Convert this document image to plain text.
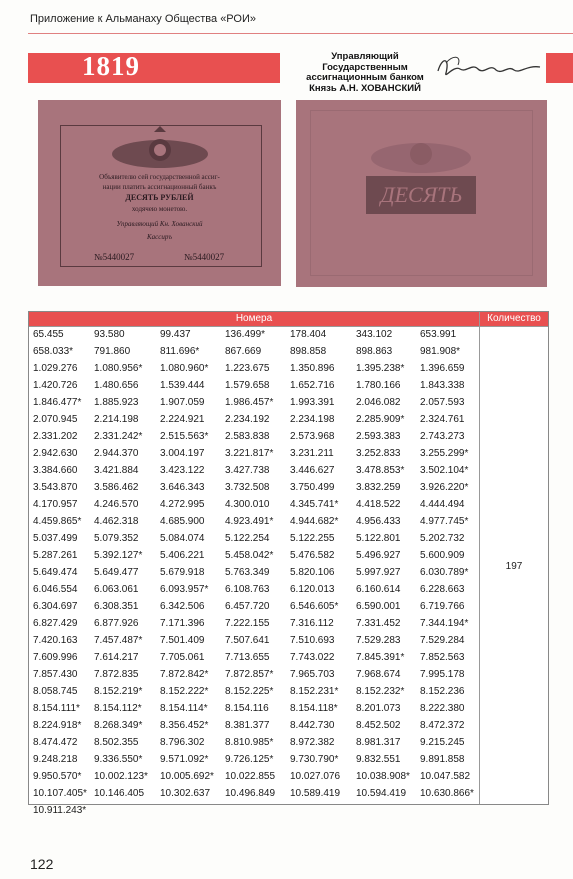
Приложение к Альманаху Общества «РОИ»
1819	Управляющий Государственным
ассигнационным банком
Князь А.Н. ХОВАНСКИЙ
Объявителю сей государственной ассиг-
нации платить ассигнационный банкъ
ДЕСЯТЬ РУБЛЕЙ
ходячею монетою.
Управляющий Кн. Хованский
Кассиръ
№5440027	№5440027
ДЕСЯТЬ
Номера	Количество
65.455	93.580	99.437	136.499* 178.404	343.102	653.991
658.033* 791.860	811.696*	867.669	898.858	898.863	981.908*
1.029.276 1.080.956* 1.080.960* 1.223.675 1.350.896 1.395.238* 1.396.659
1.420.726 1.480.656 1.539.444 1.579.658 1.652.716 1.780.166 1.843.338
1.846.477* 1.885.923 1.907.059 1.986.457* 1.993.391 2.046.082 2.057.593
2.070.945 2.214.198 2.224.921 2.234.192 2.234.198 2.285.909* 2.324.761
2.331.202 2.331.242* 2.515.563* 2.583.838 2.573.968 2.593.383 2.743.273
2.942.630 2.944.370 3.004.197 3.221.817* 3.231.211 3.252.833 3.255.299*
3.384.660 3.421.884 3.423.122 3.427.738 3.446.627 3.478.853* 3.502.104*
3.543.870 3.586.462 3.646.343 3.732.508 3.750.499 3.832.259 3.926.220*
4.170.957 4.246.570 4.272.995 4.300.010 4.345.741* 4.418.522 4.444.494
4.459.865* 4.462.318 4.685.900 4.923.491* 4.944.682* 4.956.433 4.977.745*
5.037.499 5.079.352 5.084.074 5.122.254 5.122.255 5.122.801 5.202.732
5.287.261 5.392.127* 5.406.221 5.458.042* 5.476.582 5.496.927 5.600.909
5.649.474 5.649.477 5.679.918 5.763.349 5.820.106 5.997.927 6.030.789*
6.046.554 6.063.061 6.093.957* 6.108.763 6.120.013 6.160.614 6.228.663
6.304.697 6.308.351 6.342.506 6.457.720 6.546.605* 6.590.001 6.719.766
6.827.429 6.877.926 7.171.396 7.222.155 7.316.112 7.331.452 7.344.194*
7.420.163 7.457.487* 7.501.409 7.507.641 7.510.693 7.529.283 7.529.284
7.609.996 7.614.217 7.705.061 7.713.655 7.743.022 7.845.391* 7.852.563
7.857.430 7.872.835 7.872.842* 7.872.857* 7.965.703 7.968.674 7.995.178
8.058.745 8.152.219* 8.152.222* 8.152.225* 8.152.231* 8.152.232* 8.152.236
8.154.111* 8.154.112* 8.154.114* 8.154.116 8.154.118* 8.201.073 8.222.380
8.224.918* 8.268.349* 8.356.452* 8.381.377 8.442.730 8.452.502 8.472.372
8.474.472 8.502.355 8.796.302 8.810.985* 8.972.382 8.981.317 9.215.245
9.248.218 9.336.550* 9.571.092* 9.726.125* 9.730.790* 9.832.551 9.891.858
9.950.570* 10.002.123* 10.005.692* 10.022.855 10.027.076 10.038.908* 10.047.582
10.107.405* 10.146.405 10.302.637 10.496.849 10.589.419 10.594.419 10.630.866*
10.911.243*
197
122
